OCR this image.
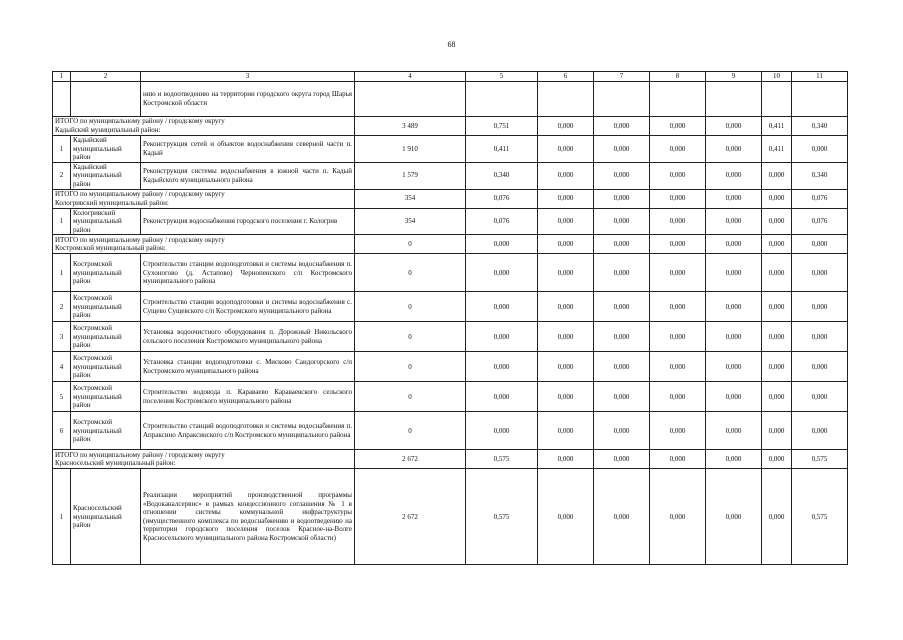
68
1	2	3	4	5	6	7	8	9	10	11
		нию и водоотведению на территории городского округа город Шарья Костромской области								

ИТОГО по муниципальному району / городскому округу
Кадыйский муниципальный район:			3 489	0,751	0,000	0,000	0,000	0,000	0,411	0,340
1	Кадыйский муниципальный район	Реконструкция сетей и объектов водоснабжения северной части п. Кадый	1 910	0,411	0,000	0,000	0,000	0,000	0,411	0,000
2	Кадыйский муниципальный район	Реконструкция системы водоснабжения в южной части п. Кадый Кадыйского муниципального района	1 579	0,340	0,000	0,000	0,000	0,000	0,000	0,340

ИТОГО по муниципальному району / городскому округу
Кологривский муниципальный район:			354	0,076	0,000	0,000	0,000	0,000	0,000	0,076
1	Кологривский муниципальный район	Реконструкция водоснабжения городского поселения г. Кологрив	354	0,076	0,000	0,000	0,000	0,000	0,000	0,076

ИТОГО по муниципальному району / городскому округу
Костромской муниципальный район:			0	0,000	0,000	0,000	0,000	0,000	0,000	0,000
1	Костромской муниципальный район	Строительство станции водоподготовки и системы водоснабжения п. Сухоногово (д. Астапово) Чернопенского с/п Костромского муниципального района	0	0,000	0,000	0,000	0,000	0,000	0,000	0,000
2	Костромской муниципальный район	Строительство станции водоподготовки и системы водоснабжения с. Сущево Сущевского с/п Костромского муниципального района	0	0,000	0,000	0,000	0,000	0,000	0,000	0,000
3	Костромской муниципальный район	Установка водоочистного оборудования п. Дорожный Никольского сельского поселения Костромского муниципального района	0	0,000	0,000	0,000	0,000	0,000	0,000	0,000
4	Костромской муниципальный район	Установка станции водоподготовки с. Мисково Саидогорского с/п Костромского муниципального района	0	0,000	0,000	0,000	0,000	0,000	0,000	0,000
5	Костромской муниципальный район	Строительство водовода п. Караваево Караваевского сельского поселения Костромского муниципального района	0	0,000	0,000	0,000	0,000	0,000	0,000	0,000
6	Костромской муниципальный район	Строительство станций водоподготовки и системы водоснабжения п. Апраксино Апраксинского с/п Костромского муниципального района	0	0,000	0,000	0,000	0,000	0,000	0,000	0,000

ИТОГО по муниципальному району / городскому округу
Красносельский муниципальный район:			2 672	0,575	0,000	0,000	0,000	0,000	0,000	0,575
1	Красносельский муниципальный район	Реализация мероприятий производственной программы «Водоканалсервис» в рамках концессионного соглашения № 1 в отношении системы коммунальной инфраструктуры (имущественного комплекса по водоснабжению и водоотведению на территории городского поселения поселок Красное-на-Волге Красносельского муниципального района Костромской области)	2 672	0,575	0,000	0,000	0,000	0,000	0,000	0,575
